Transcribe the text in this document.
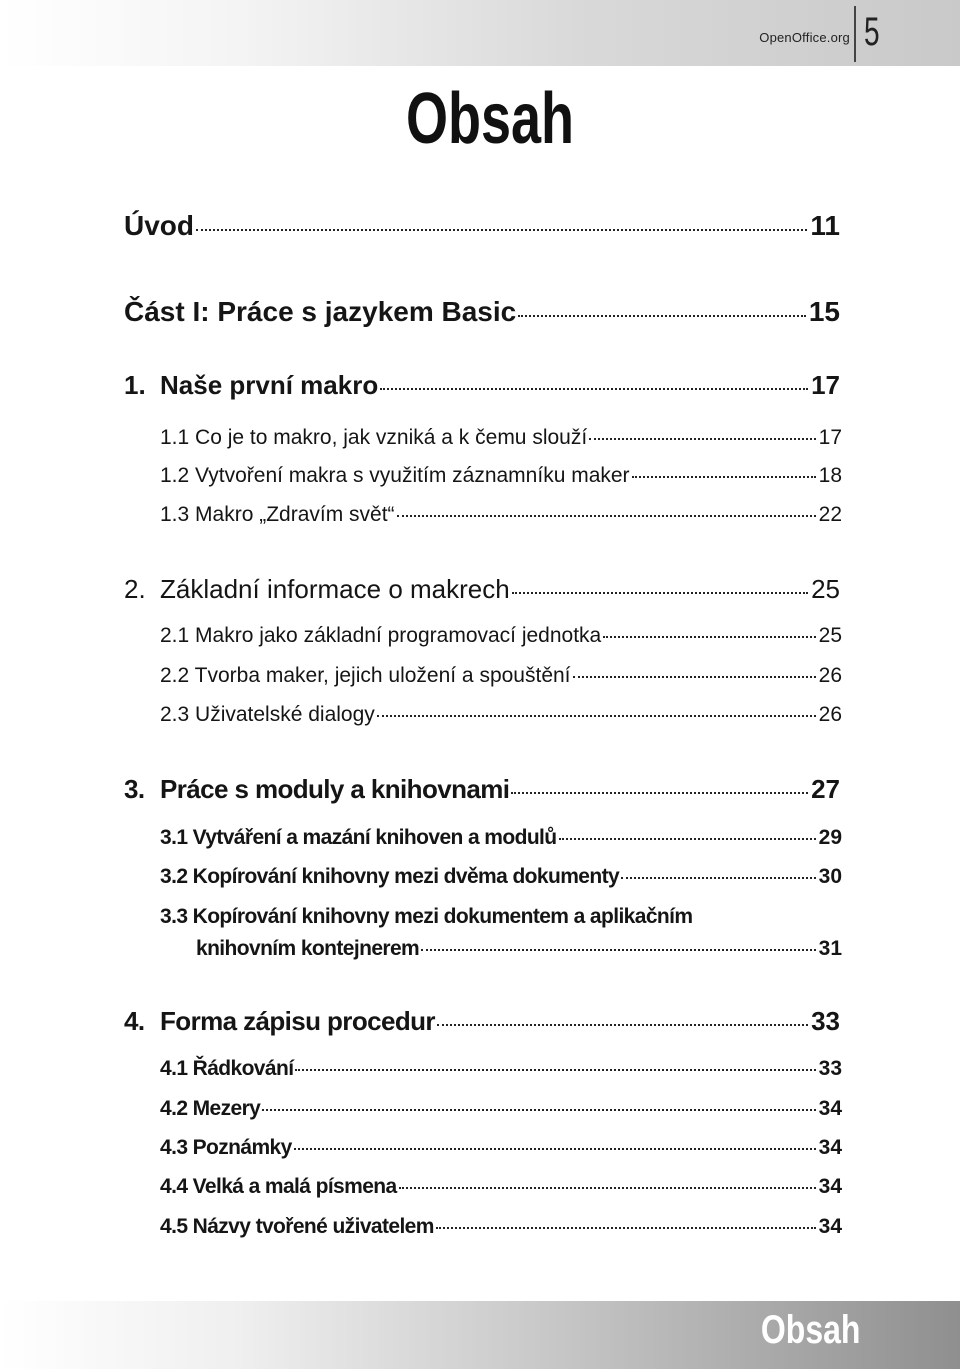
OpenOffice.org 5
Obsah
Úvod	11
Část I: Práce s jazykem Basic	15
1. Naše první makro	17
1.1 Co je to makro, jak vzniká a k čemu slouží	17
1.2 Vytvoření makra s využitím záznamníku maker	18
1.3 Makro „Zdravím svět“	22
2. Základní informace o makrech	25
2.1 Makro jako základní programovací jednotka	25
2.2 Tvorba maker, jejich uložení a spouštění	26
2.3 Uživatelské dialogy	26
3. Práce s moduly a knihovnami	27
3.1 Vytváření a mazání knihoven a modulů	29
3.2 Kopírování knihovny mezi dvěma dokumenty	30
3.3 Kopírování knihovny mezi dokumentem a aplikačním
knihovním kontejnerem	31
4. Forma zápisu procedur	33
4.1 Řádkování	33
4.2 Mezery	34
4.3 Poznámky	34
4.4 Velká a malá písmena	34
4.5 Názvy tvořené uživatelem	34
Obsah
